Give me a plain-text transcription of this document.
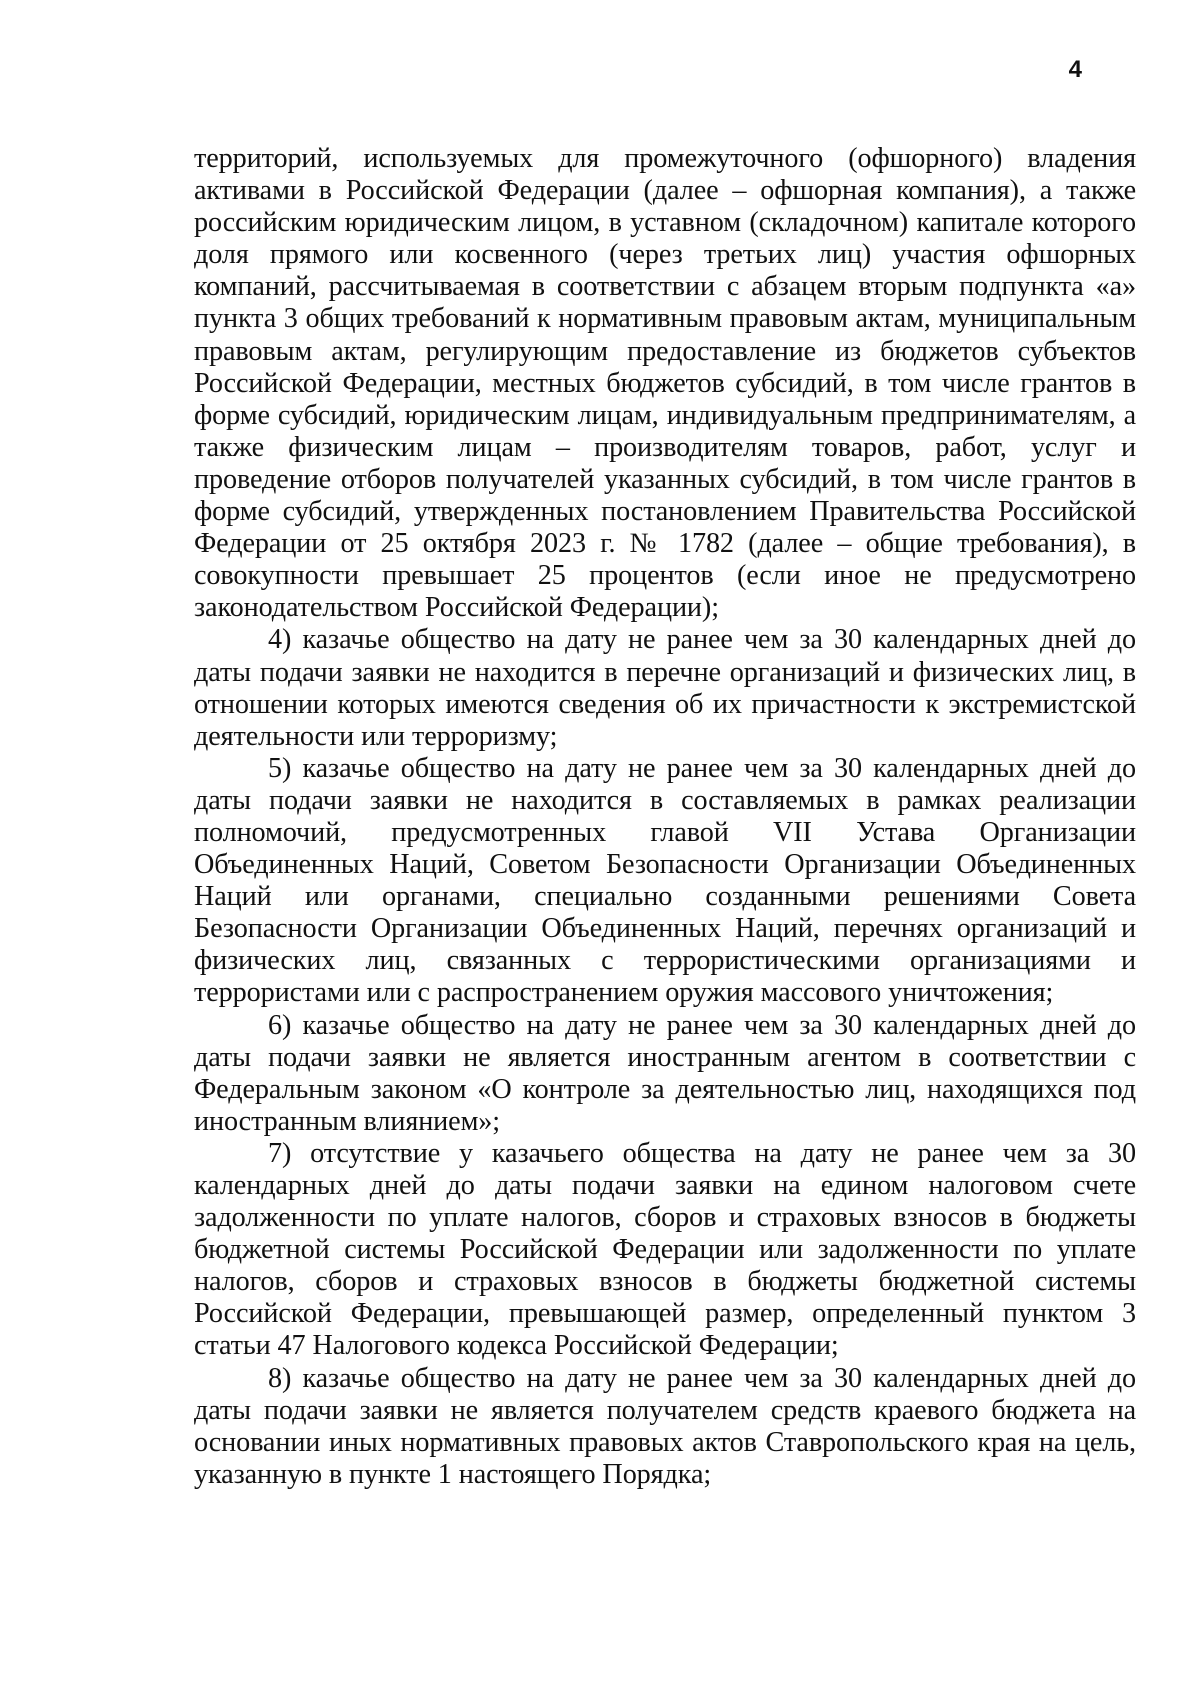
4

территорий, используемых для промежуточного (офшорного) владения активами в Российской Федерации (далее – офшорная компания), а также российским юридическим лицом, в уставном (складочном) капитале которого доля прямого или косвенного (через третьих лиц) участия офшорных компаний, рассчитываемая в соответствии с абзацем вторым подпункта «а» пункта 3 общих требований к нормативным правовым актам, муниципальным правовым актам, регулирующим предоставление из бюджетов субъектов Российской Федерации, местных бюджетов субсидий, в том числе грантов в форме субсидий, юридическим лицам, индивидуальным предпринимателям, а также физическим лицам – производителям товаров, работ, услуг и проведение отборов получателей указанных субсидий, в том числе грантов в форме субсидий, утвержденных постановлением Правительства Российской Федерации от 25 октября 2023 г. № 1782 (далее – общие требования), в совокупности превышает 25 процентов (если иное не предусмотрено законодательством Российской Федерации);

4) казачье общество на дату не ранее чем за 30 календарных дней до даты подачи заявки не находится в перечне организаций и физических лиц, в отношении которых имеются сведения об их причастности к экстремистской деятельности или терроризму;

5) казачье общество на дату не ранее чем за 30 календарных дней до даты подачи заявки не находится в составляемых в рамках реализации полномочий, предусмотренных главой VII Устава Организации Объединенных Наций, Советом Безопасности Организации Объединенных Наций или органами, специально созданными решениями Совета Безопасности Организации Объединенных Наций, перечнях организаций и физических лиц, связанных с террористическими организациями и террористами или с распространением оружия массового уничтожения;

6) казачье общество на дату не ранее чем за 30 календарных дней до даты подачи заявки не является иностранным агентом в соответствии с Федеральным законом «О контроле за деятельностью лиц, находящихся под иностранным влиянием»;

7) отсутствие у казачьего общества на дату не ранее чем за 30 календарных дней до даты подачи заявки на едином налоговом счете задолженности по уплате налогов, сборов и страховых взносов в бюджеты бюджетной системы Российской Федерации или задолженности по уплате налогов, сборов и страховых взносов в бюджеты бюджетной системы Российской Федерации, превышающей размер, определенный пунктом 3 статьи 47 Налогового кодекса Российской Федерации;

8) казачье общество на дату не ранее чем за 30 календарных дней до даты подачи заявки не является получателем средств краевого бюджета на основании иных нормативных правовых актов Ставропольского края на цель, указанную в пункте 1 настоящего Порядка;
